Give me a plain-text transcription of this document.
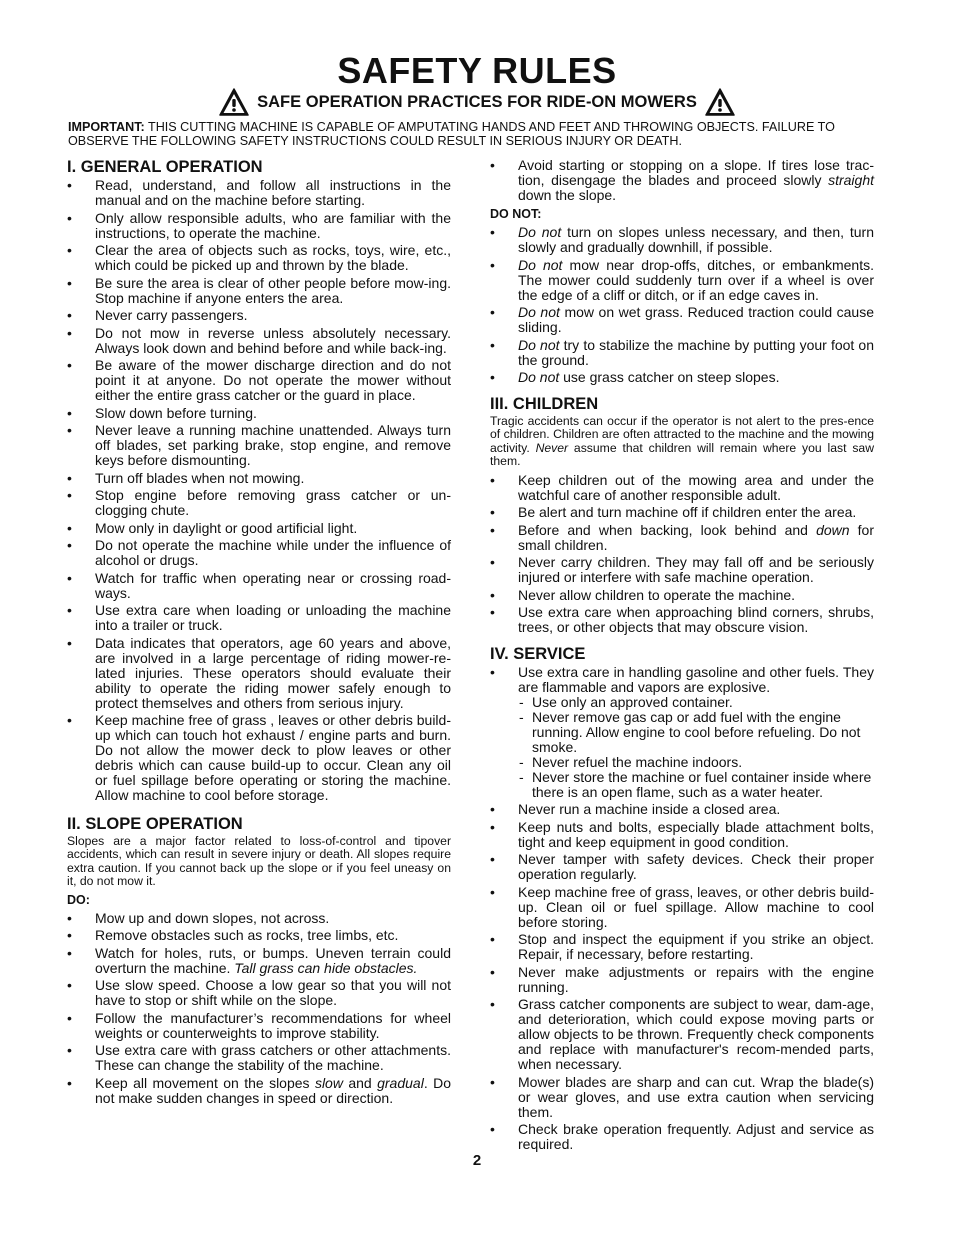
SAFETY RULES
SAFE OPERATION PRACTICES FOR RIDE-ON MOWERS
IMPORTANT: THIS CUTTING MACHINE IS CAPABLE OF AMPUTATING HANDS AND FEET AND THROWING OBJECTS. FAILURE TO OBSERVE THE FOLLOWING SAFETY INSTRUCTIONS COULD RESULT IN SERIOUS INJURY OR DEATH.
I. GENERAL OPERATION
• Read, understand, and follow all instructions in the manual and on the machine before starting.
• Only allow responsible adults, who are familiar with the instructions, to operate the machine.
• Clear the area of objects such as rocks, toys, wire, etc., which could be picked up and thrown by the blade.
• Be sure the area is clear of other people before mow-ing. Stop machine if anyone enters the area.
• Never carry passengers.
• Do not mow in reverse unless absolutely necessary. Always look down and behind before and while back-ing.
• Be aware of the mower discharge direction and do not point it at anyone. Do not operate the mower without either the entire grass catcher or the guard in place.
• Slow down before turning.
• Never leave a running machine unattended. Always turn off blades, set parking brake, stop engine, and remove keys before dismounting.
• Turn off blades when not mowing.
• Stop engine before removing grass catcher or un-clogging chute.
• Mow only in daylight or good artificial light.
• Do not operate the machine while under the influence of alcohol or drugs.
• Watch for traffic when operating near or crossing road-ways.
• Use extra care when loading or unloading the machine into a trailer or truck.
• Data indicates that operators, age 60 years and above, are involved in a large percentage of riding mower-re-lated injuries. These operators should evaluate their ability to operate the riding mower safely enough to protect themselves and others from serious injury.
• Keep machine free of grass , leaves or other debris build-up which can touch hot exhaust / engine parts and burn. Do not allow the mower deck to plow leaves or other debris which can cause build-up to occur. Clean any oil or fuel spillage before operating or storing the machine. Allow machine to cool before storage.
II. SLOPE OPERATION
Slopes are a major factor related to loss-of-control and tipover accidents, which can result in severe injury or death. All slopes require extra caution. If you cannot back up the slope or if you feel uneasy on it, do not mow it.
DO:
• Mow up and down slopes, not across.
• Remove obstacles such as rocks, tree limbs, etc.
• Watch for holes, ruts, or bumps. Uneven terrain could overturn the machine. Tall grass can hide obstacles.
• Use slow speed. Choose a low gear so that you will not have to stop or shift while on the slope.
• Follow the manufacturer’s recommendations for wheel weights or counterweights to improve stability.
• Use extra care with grass catchers or other attachments. These can change the stability of the machine.
• Keep all movement on the slopes slow and gradual. Do not make sudden changes in speed or direction.
• Avoid starting or stopping on a slope. If tires lose trac-tion, disengage the blades and proceed slowly straight down the slope.
DO NOT:
• Do not turn on slopes unless necessary, and then, turn slowly and gradually downhill, if possible.
• Do not mow near drop-offs, ditches, or embankments. The mower could suddenly turn over if a wheel is over the edge of a cliff or ditch, or if an edge caves in.
• Do not mow on wet grass. Reduced traction could cause sliding.
• Do not try to stabilize the machine by putting your foot on the ground.
• Do not use grass catcher on steep slopes.
III. CHILDREN
Tragic accidents can occur if the operator is not alert to the pres-ence of children. Children are often attracted to the machine and the mowing activity. Never assume that children will remain where you last saw them.
• Keep children out of the mowing area and under the watchful care of another responsible adult.
• Be alert and turn machine off if children enter the area.
• Before and when backing, look behind and down for small children.
• Never carry children. They may fall off and be seriously injured or interfere with safe machine operation.
• Never allow children to operate the machine.
• Use extra care when approaching blind corners, shrubs, trees, or other objects that may obscure vision.
IV. SERVICE
• Use extra care in handling gasoline and other fuels. They are flammable and vapors are explosive.
- Use only an approved container.
- Never remove gas cap or add fuel with the engine running. Allow engine to cool before refueling. Do not smoke.
- Never refuel the machine indoors.
- Never store the machine or fuel container inside where there is an open flame, such as a water heater.
• Never run a machine inside a closed area.
• Keep nuts and bolts, especially blade attachment bolts, tight and keep equipment in good condition.
• Never tamper with safety devices. Check their proper operation regularly.
• Keep machine free of grass, leaves, or other debris build-up. Clean oil or fuel spillage. Allow machine to cool before storing.
• Stop and inspect the equipment if you strike an object. Repair, if necessary, before restarting.
• Never make adjustments or repairs with the engine running.
• Grass catcher components are subject to wear, dam-age, and deterioration, which could expose moving parts or allow objects to be thrown. Frequently check components and replace with manufacturer's recom-mended parts, when necessary.
• Mower blades are sharp and can cut. Wrap the blade(s) or wear gloves, and use extra caution when servicing them.
• Check brake operation frequently. Adjust and service as required.
2
